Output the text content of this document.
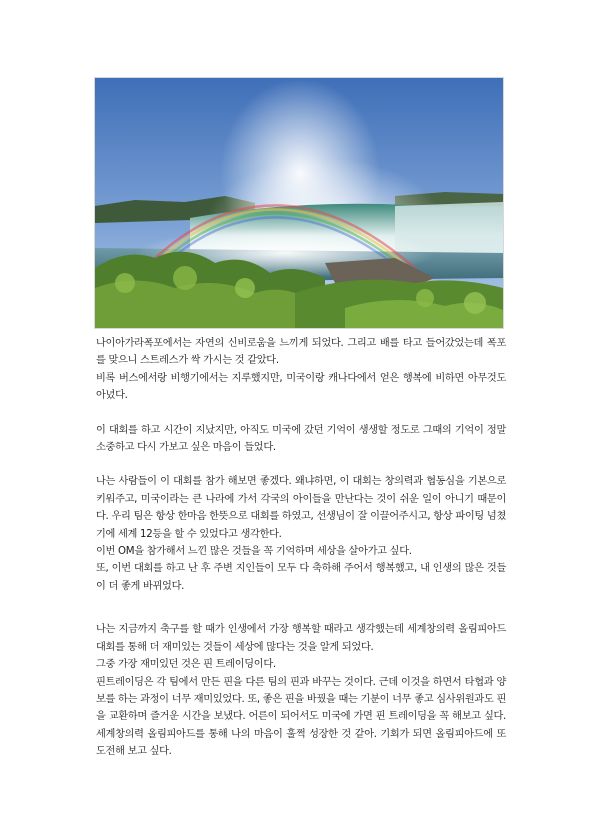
나이아가라폭포에서는 자연의 신비로움을 느끼게 되었다. 그리고 배를 타고 들어갔었는데 폭포를 맞으니 스트레스가 싹 가시는 것 같았다.

비록 버스에서랑 비행기에서는 지루했지만, 미국이랑 캐나다에서 얻은 행복에 비하면 아무것도 아녔다.

이 대회를 하고 시간이 지났지만, 아직도 미국에 갔던 기억이 생생할 정도로 그때의 기억이 정말 소중하고 다시 가보고 싶은 마음이 들었다.

나는 사람들이 이 대회를 참가 해보면 좋겠다. 왜냐하면, 이 대회는 창의력과 협동심을 기본으로 키워주고, 미국이라는 큰 나라에 가서 각국의 아이들을 만난다는 것이 쉬운 일이 아니기 때문이다. 우리 팀은 항상 한마음 한뜻으로 대회를 하였고, 선생님이 잘 이끌어주시고, 항상 파이팅 넘쳤기에 세계 12등을 할 수 있었다고 생각한다.

이번 OM을 참가해서 느낀 많은 것들을 꼭 기억하며 세상을 살아가고 싶다.

또, 이번 대회를 하고 난 후 주변 지인들이 모두 다 축하해 주어서 행복했고, 내 인생의 많은 것들이 더 좋게 바뀌었다.

나는 지금까지 축구를 할 때가 인생에서 가장 행복할 때라고 생각했는데 세계창의력 올림피아드대회를 통해 더 재미있는 것들이 세상에 많다는 것을 알게 되었다.

그중 가장 재미있던 것은 핀 트레이딩이다.

핀트레이딩은 각 팀에서 만든 핀을 다른 팀의 핀과 바꾸는 것이다. 근데 이것을 하면서 타협과 양보를 하는 과정이 너무 재미있었다. 또, 좋은 핀을 바꿨을 때는 기분이 너무 좋고 심사위원과도 핀을 교환하며 즐거운 시간을 보냈다. 어른이 되어서도 미국에 가면 핀 트레이딩을 꼭 해보고 싶다. 세계창의력 올림피아드를 통해 나의 마음이 훌쩍 성장한 것 같아. 기회가 되면 올림피아드에 또 도전해 보고 싶다.
